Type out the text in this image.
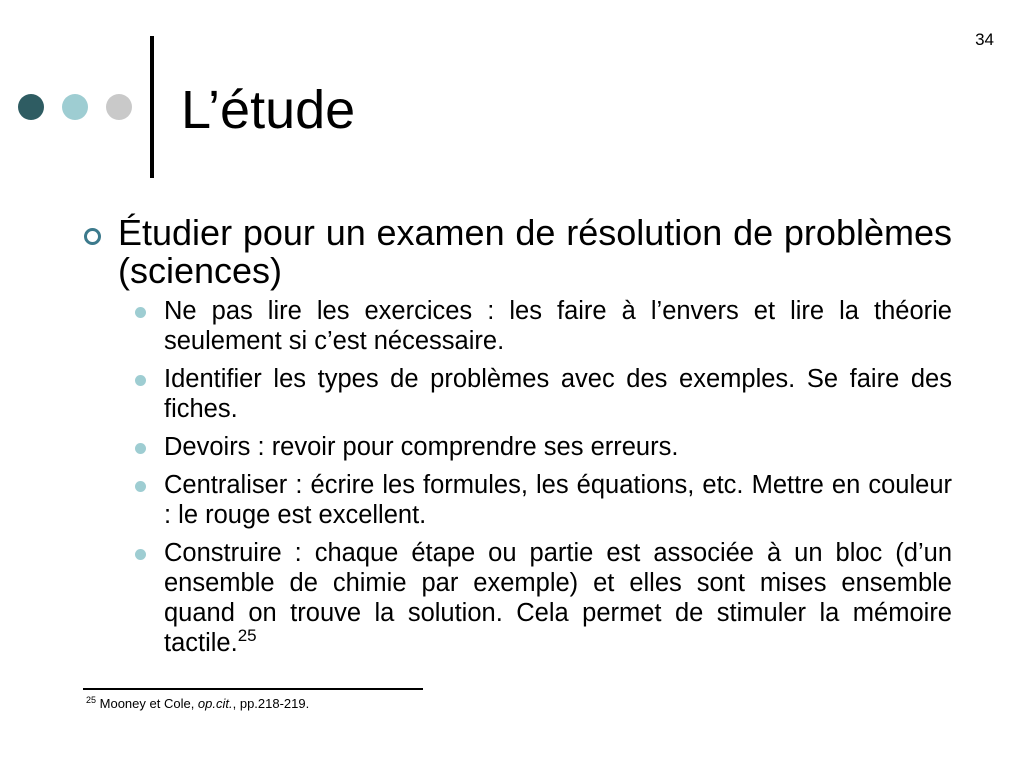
34
L’étude
Étudier pour un examen de résolution de problèmes (sciences)
Ne pas lire les exercices : les faire à l’envers et lire la théorie seulement si c’est nécessaire.
Identifier les types de problèmes avec des exemples. Se faire des fiches.
Devoirs : revoir pour comprendre ses erreurs.
Centraliser : écrire les formules, les équations, etc. Mettre en couleur : le rouge est excellent.
Construire : chaque étape ou partie est associée à un bloc (d’un ensemble de chimie par exemple) et elles sont mises ensemble quand on trouve la solution. Cela permet de stimuler la mémoire tactile.$^{25}$
$^{25}$ Mooney et Cole, op.cit., pp.218-219.
